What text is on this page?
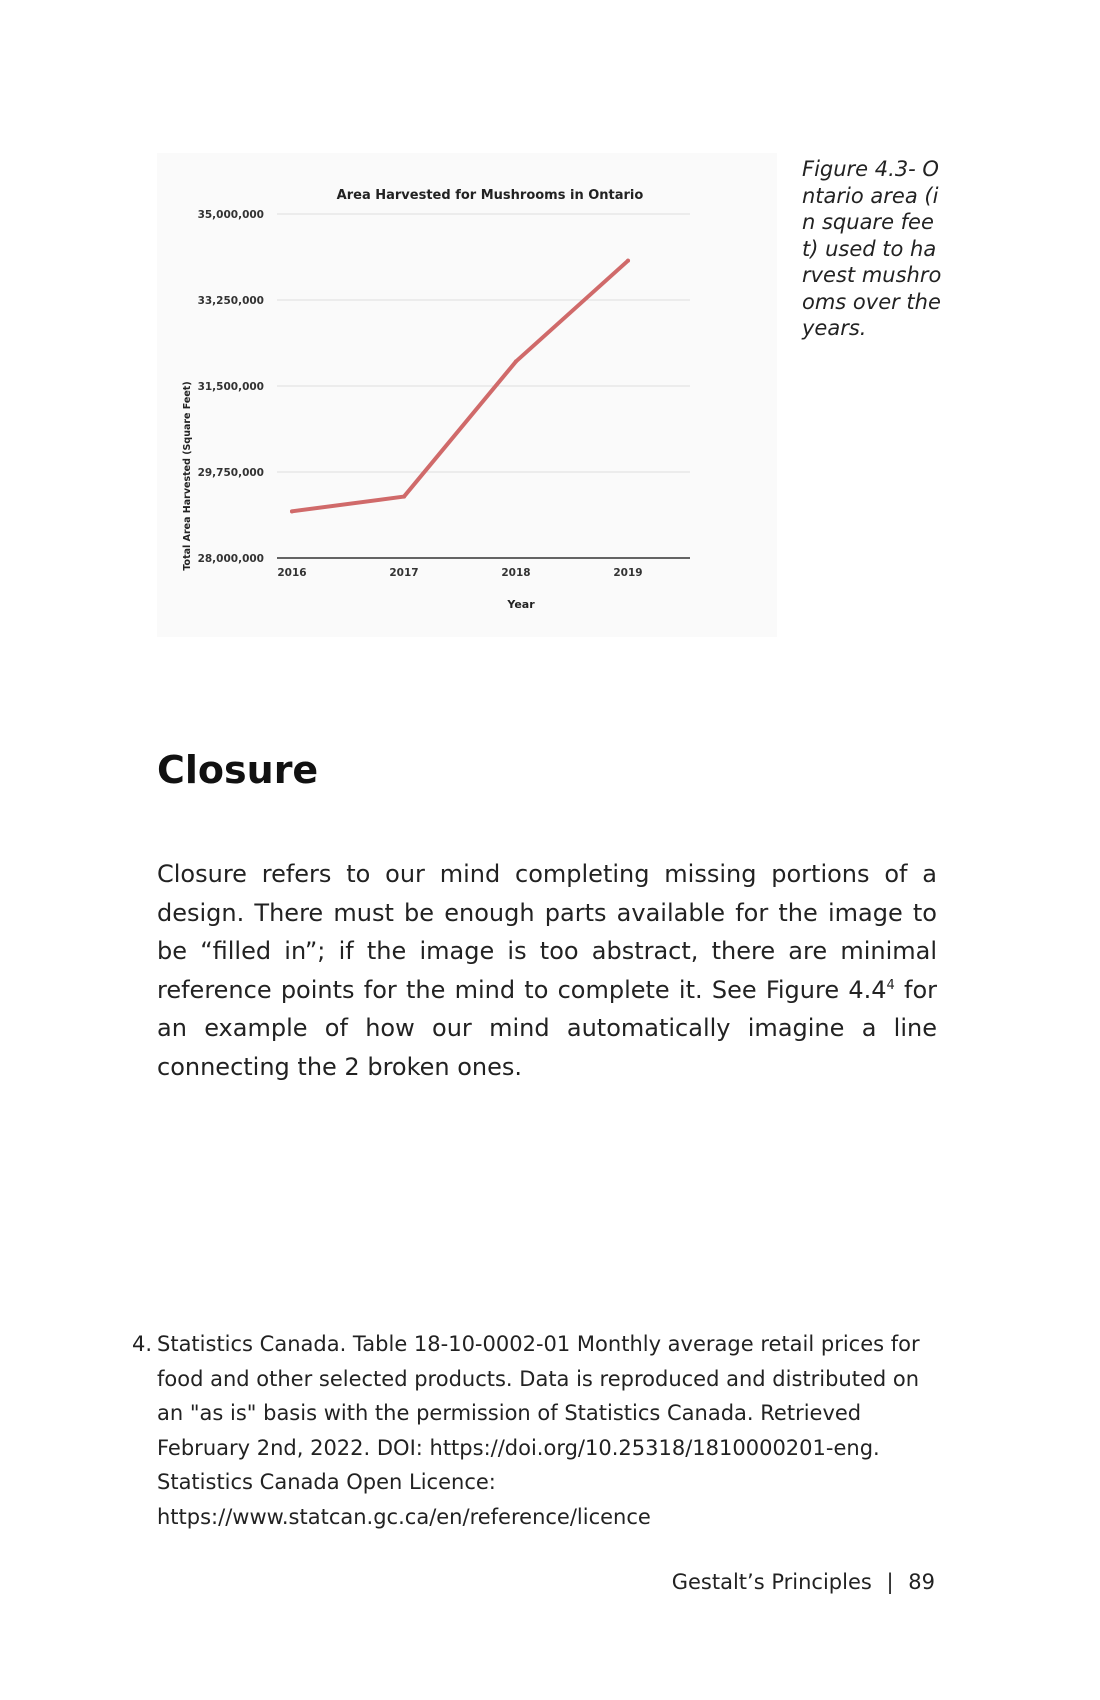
Area Harvested for Mushrooms in Ontario
Total Area Harvested (Square Feet)
Year
28,000,000
29,750,000
31,500,000
33,250,000
35,000,000
2016	2017	2018	2019
Figure 4.3- Ontario area (in square feet) used to harvest mushrooms over the years.
Closure

Closure refers to our mind completing missing portions of a design. There must be enough parts available for the image to be “filled in”; if the image is too abstract, there are minimal reference points for the mind to complete it. See Figure $4.4^4$ for an example of how our mind automatically imagine a line connecting the 2 broken ones.

4. Statistics Canada. Table 18-10-0002-01 Monthly average retail prices for food and other selected products. Data is reproduced and distributed on an "as is" basis with the permission of Statistics Canada. Retrieved February 2nd, 2022. DOI: https://doi.org/10.25318/1810000201-eng. Statistics Canada Open Licence: https://www.statcan.gc.ca/en/reference/licence
Gestalt’s Principles | 89
